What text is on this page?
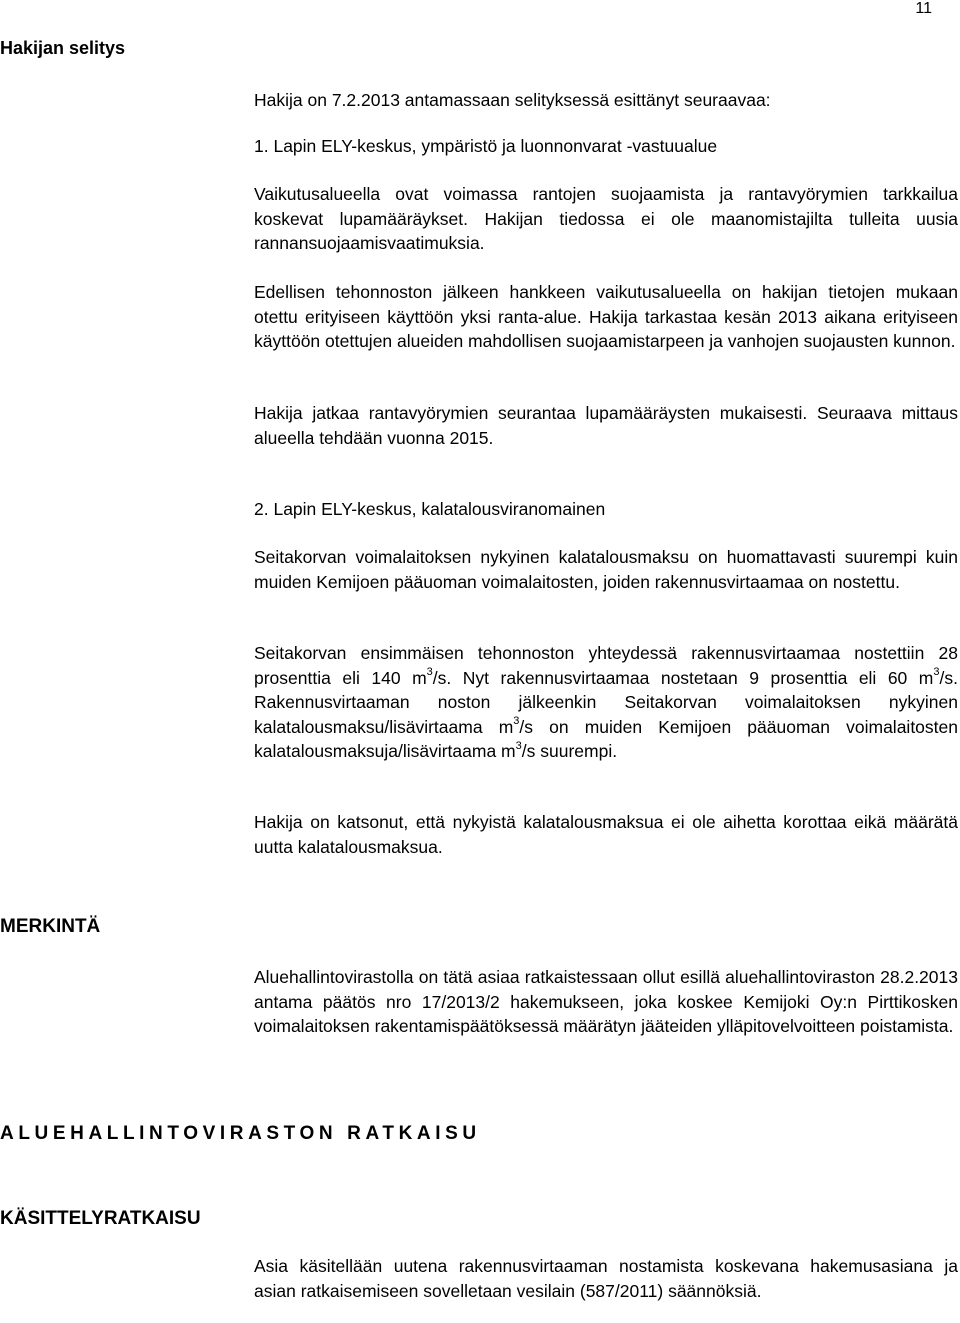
11
Hakijan selitys

Hakija on 7.2.2013 antamassaan selityksessä esittänyt seuraavaa:

1. Lapin ELY-keskus, ympäristö ja luonnonvarat -vastuualue

Vaikutusalueella ovat voimassa rantojen suojaamista ja rantavyörymien tarkkailua koskevat lupamääräykset. Hakijan tiedossa ei ole maanomistajilta tulleita uusia rannansuojaamisvaatimuksia.

Edellisen tehonnoston jälkeen hankkeen vaikutusalueella on hakijan tietojen mukaan otettu erityiseen käyttöön yksi ranta-alue. Hakija tarkastaa kesän 2013 aikana erityiseen käyttöön otettujen alueiden mahdollisen suojaamistarpeen ja vanhojen suojausten kunnon.

Hakija jatkaa rantavyörymien seurantaa lupamääräysten mukaisesti. Seuraava mittaus alueella tehdään vuonna 2015.

2. Lapin ELY-keskus, kalatalousviranomainen

Seitakorvan voimalaitoksen nykyinen kalatalousmaksu on huomattavasti suurempi kuin muiden Kemijoen pääuoman voimalaitosten, joiden rakennusvirtaamaa on nostettu.

Seitakorvan ensimmäisen tehonnoston yhteydessä rakennusvirtaamaa nostettiin 28 prosenttia eli 140 $m^3/s$. Nyt rakennusvirtaamaa nostetaan 9 prosenttia eli 60 $m^3/s$. Rakennusvirtaaman noston jälkeenkin Seitakorvan voimalaitoksen nykyinen kalatalousmaksu/lisävirtaama $m^3/s$ on muiden Kemijoen pääuoman voimalaitosten kalatalousmaksuja/lisävirtaama $m^3/s$ suurempi.

Hakija on katsonut, että nykyistä kalatalousmaksua ei ole aihetta korottaa eikä määrätä uutta kalatalousmaksua.

MERKINTÄ

Aluehallintovirastolla on tätä asiaa ratkaistessaan ollut esillä aluehallintoviraston 28.2.2013 antama päätös nro 17/2013/2 hakemukseen, joka koskee Kemijoki Oy:n Pirttikosken voimalaitoksen rakentamispäätöksessä määrätyn jääteiden ylläpitovelvoitteen poistamista.

ALUEHALLINTOVIRASTON RATKAISU
KÄSITTELYRATKAISU

Asia käsitellään uutena rakennusvirtaaman nostamista koskevana hakemusasiana ja asian ratkaisemiseen sovelletaan vesilain (587/2011) säännöksiä.
